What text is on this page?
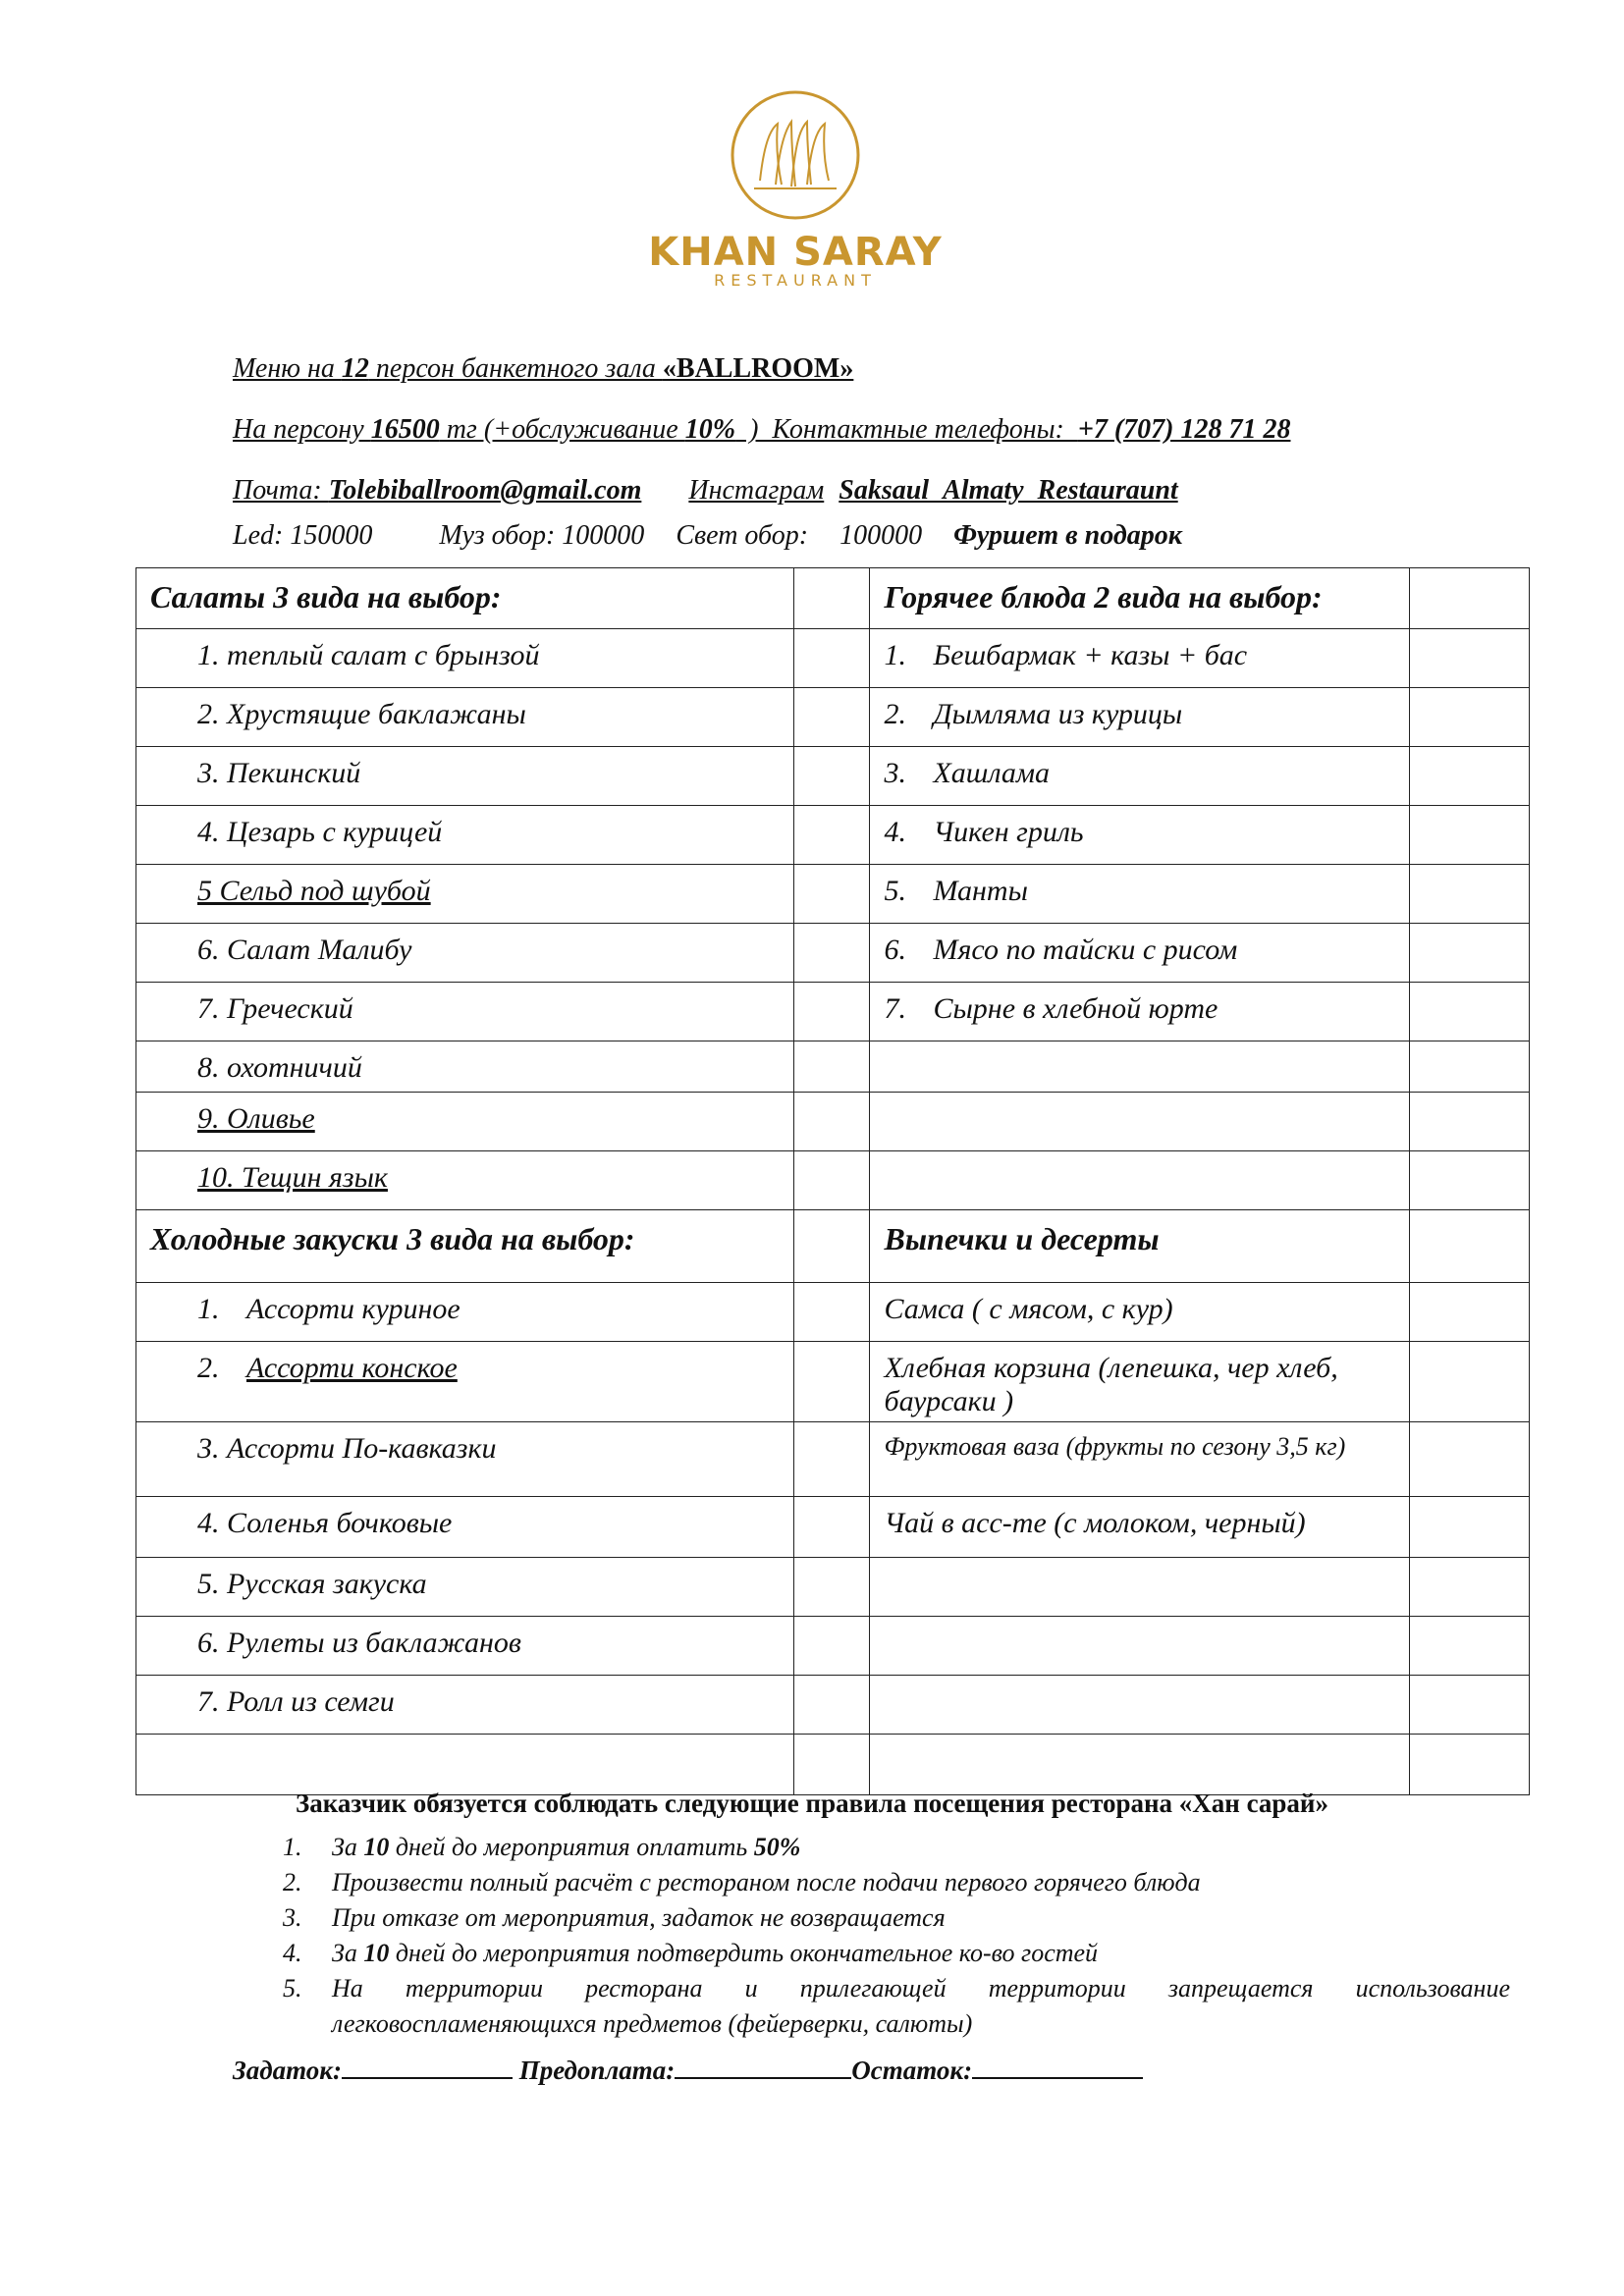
KHAN SARAY
RESTAURANT
Меню на 12 персон банкетного зала «BALLROOM»
На персону 16500 тг (+обслуживание 10%  )  Контактные телефоны:  +7 (707) 128 71 28
Почта: Tolebiballroom@gmail.com Инстаграм Saksaul_Almaty_Restauraunt
Led: 150000 Муз обор: 100000 Свет обор: 100000 Фуршет в подарок
Салаты 3 вида на выбор:		Горячее блюда 2 вида на выбор:	
1. теплый салат с брынзой		1. Бешбармак + казы + бас	
2. Хрустящие баклажаны		2. Дымляма из курицы	
3. Пекинский		3. Хашлама	
4. Цезарь с курицей		4. Чикен гриль	
5 Сельд под шубой		5. Манты	
6. Салат Малибу		6. Мясо по тайски с рисом	
7. Греческий		7. Сырне в хлебной юрте	
8. охотничий			
9. Оливье			
10. Тещин язык			
Холодные закуски 3 вида на выбор:		Выпечки и десерты	
1. Ассорти куриное		Самса ( с мясом, с кур)	
2. Ассорти конское		Хлебная корзина (лепешка, чер хлеб, баурсаки )	
3. Ассорти По-кавказки		Фруктовая ваза (фрукты по сезону 3,5 кг)	
4. Соленья бочковые		Чай в асс-те (с молоком, черный)	
5. Русская закуска			
6. Рулеты из баклажанов			
7. Ролл из семги			

Заказчик обязуется соблюдать следующие правила посещения ресторана «Хан сарай»
1. За 10 дней до мероприятия оплатить 50%
2. Произвести полный расчёт с рестораном после подачи первого горячего блюда
3. При отказе от мероприятия, задаток не возвращается
4. За 10 дней до мероприятия подтвердить окончательное ко-во гостей
5. На территории ресторана и прилегающей территории запрещается использование легковоспламеняющихся предметов (фейерверки, салюты)
Задаток:	Предоплата:	Остаток:
